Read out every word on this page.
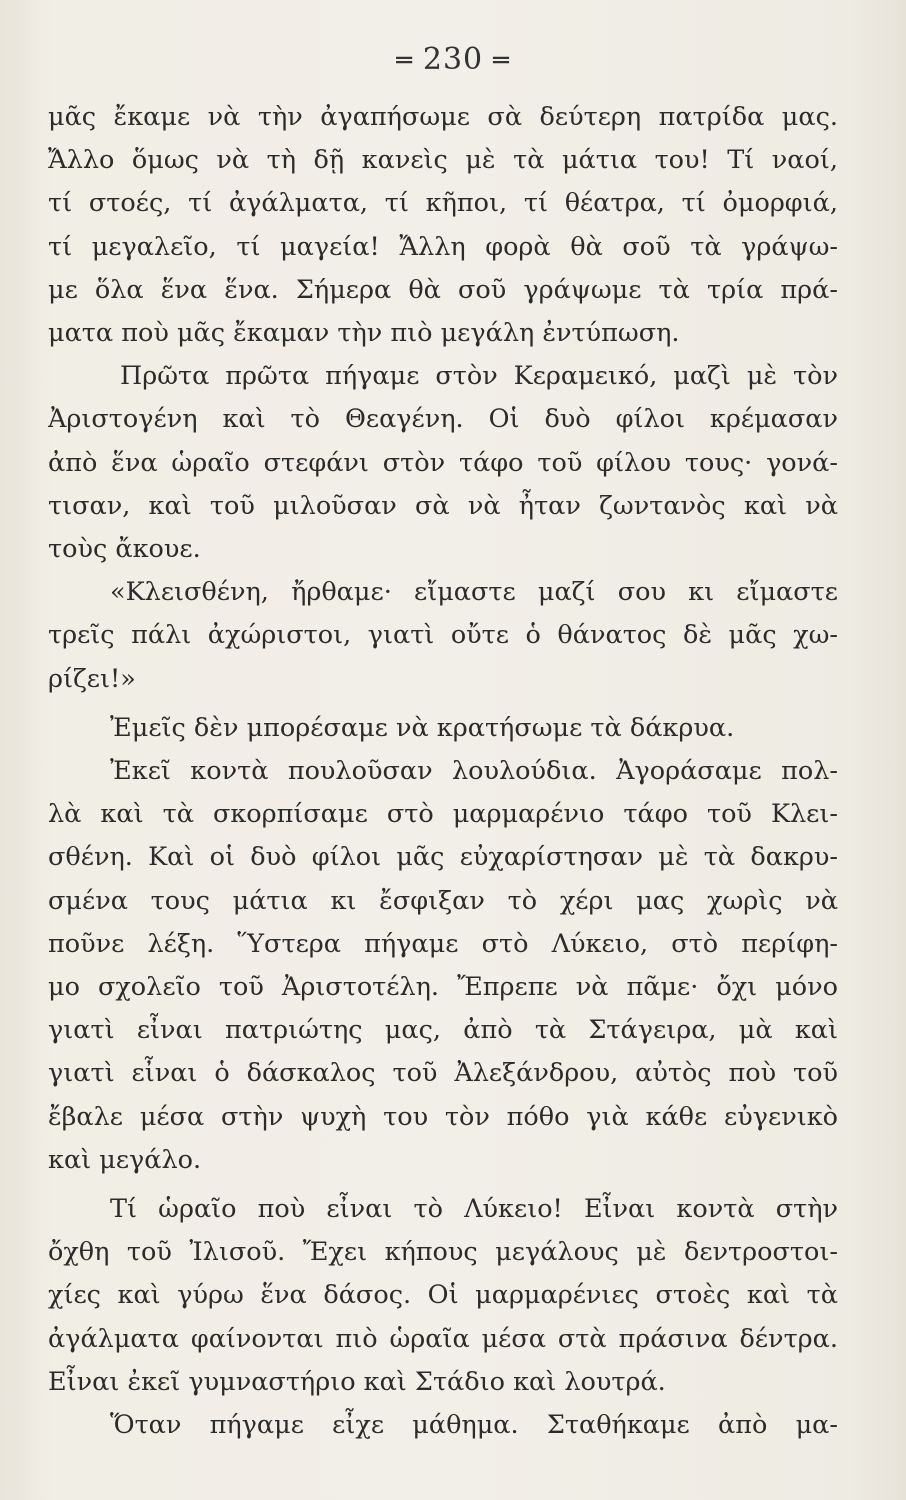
═ 230 ═
μᾶς ἔκαμε νὰ τὴν ἀγαπήσωμε σὰ δεύτερη πατρίδα μας.
Ἄλλο ὅμως νὰ τὴ δῇ κανεὶς μὲ τὰ μάτια του! Τί ναοί,
τί στοές, τί ἀγάλματα, τί κῆποι, τί θέατρα, τί ὀμορφιά,
τί μεγαλεῖο, τί μαγεία! Ἄλλη φορὰ θὰ σοῦ τὰ γράψω-
με ὅλα ἕνα ἕνα. Σήμερα θὰ σοῦ γράψωμε τὰ τρία πρά-
ματα ποὺ μᾶς ἔκαμαν τὴν πιὸ μεγάλη ἐντύπωση.
Πρῶτα πρῶτα πήγαμε στὸν Κεραμεικό, μαζὶ μὲ τὸν
Ἀριστογένη καὶ τὸ Θεαγένη. Οἱ δυὸ φίλοι κρέμασαν
ἀπὸ ἕνα ὡραῖο στεφάνι στὸν τάφο τοῦ φίλου τους· γονά-
τισαν, καὶ τοῦ μιλοῦσαν σὰ νὰ ἦταν ζωντανὸς καὶ νὰ
τοὺς ἄκουε.
«Κλεισθένη, ἤρθαμε· εἴμαστε μαζί σου κι εἴμαστε
τρεῖς πάλι ἀχώριστοι, γιατὶ οὔτε ὁ θάνατος δὲ μᾶς χω-
ρίζει!»
Ἐμεῖς δὲν μπορέσαμε νὰ κρατήσωμε τὰ δάκρυα.
Ἐκεῖ κοντὰ πουλοῦσαν λουλούδια. Ἀγοράσαμε πολ-
λὰ καὶ τὰ σκορπίσαμε στὸ μαρμαρένιο τάφο τοῦ Κλει-
σθένη. Καὶ οἱ δυὸ φίλοι μᾶς εὐχαρίστησαν μὲ τὰ δακρυ-
σμένα τους μάτια κι ἔσφιξαν τὸ χέρι μας χωρὶς νὰ
ποῦνε λέξη. Ὕστερα πήγαμε στὸ Λύκειο, στὸ περίφη-
μο σχολεῖο τοῦ Ἀριστοτέλη. Ἔπρεπε νὰ πᾶμε· ὄχι μόνο
γιατὶ εἶναι πατριώτης μας, ἀπὸ τὰ Στάγειρα, μὰ καὶ
γιατὶ εἶναι ὁ δάσκαλος τοῦ Ἀλεξάνδρου, αὐτὸς ποὺ τοῦ
ἔβαλε μέσα στὴν ψυχὴ του τὸν πόθο γιὰ κάθε εὐγενικὸ
καὶ μεγάλο.
Τί ὡραῖο ποὺ εἶναι τὸ Λύκειο! Εἶναι κοντὰ στὴν
ὄχθη τοῦ Ἰλισοῦ. Ἔχει κήπους μεγάλους μὲ δεντροστοι-
χίες καὶ γύρω ἕνα δάσος. Οἱ μαρμαρένιες στοὲς καὶ τὰ
ἀγάλματα φαίνονται πιὸ ὡραῖα μέσα στὰ πράσινα δέντρα.
Εἶναι ἐκεῖ γυμναστήριο καὶ Στάδιο καὶ λουτρά.
Ὅταν πήγαμε εἶχε μάθημα. Σταθήκαμε ἀπὸ μα-
